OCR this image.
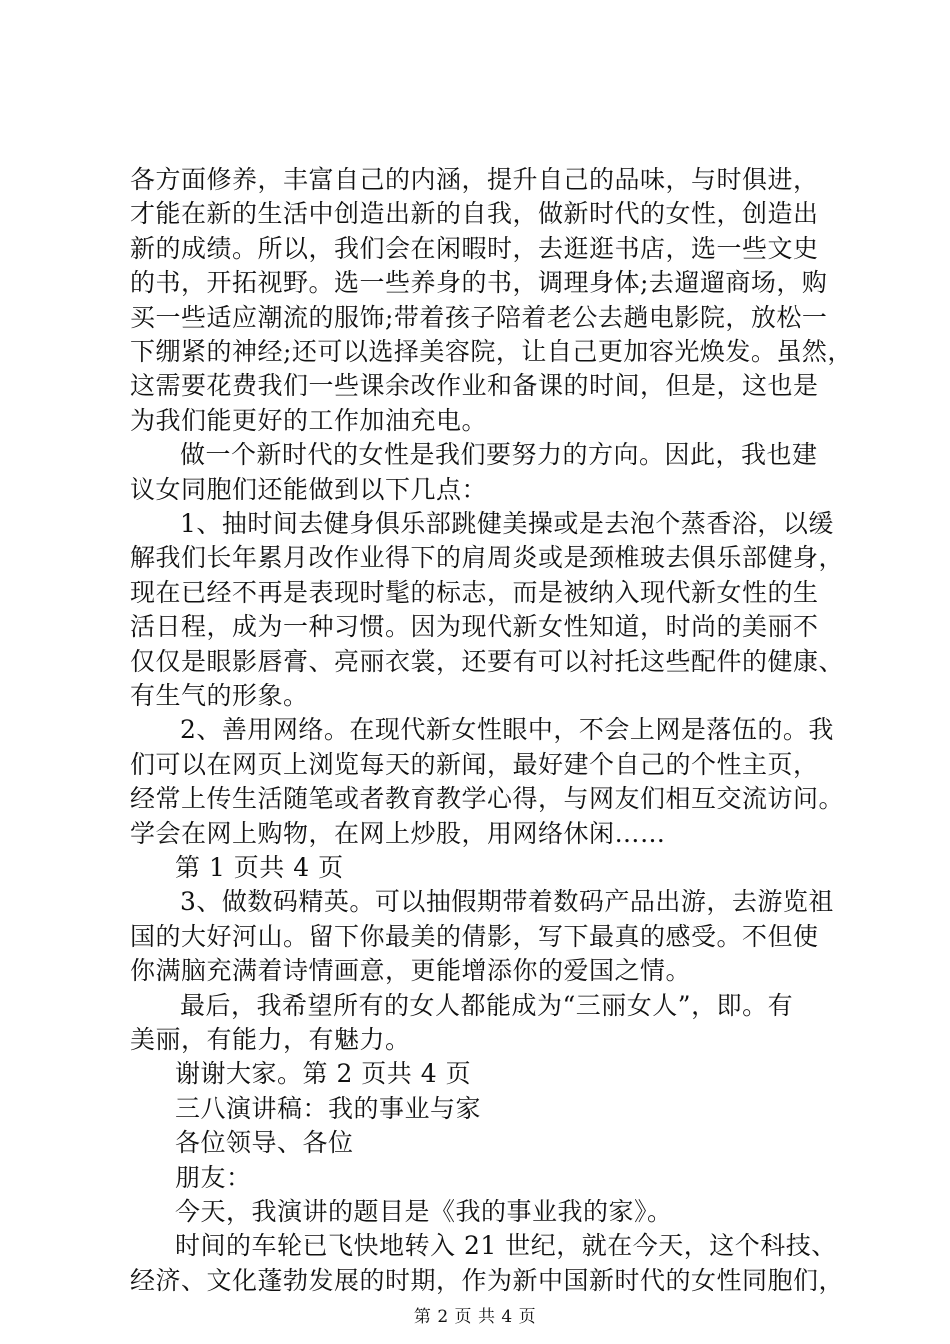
各方面修养，丰富自己的内涵，提升自己的品味，与时俱进，
才能在新的生活中创造出新的自我，做新时代的女性，创造出
新的成绩。所以，我们会在闲暇时，去逛逛书店，选一些文史
的书，开拓视野。选一些养身的书，调理身体;去遛遛商场，购
买一些适应潮流的服饰;带着孩子陪着老公去趟电影院，放松一
下绷紧的神经;还可以选择美容院，让自己更加容光焕发。虽然，
这需要花费我们一些课余改作业和备课的时间，但是，这也是
为我们能更好的工作加油充电。
做一个新时代的女性是我们要努力的方向。因此，我也建
议女同胞们还能做到以下几点：
1、抽时间去健身俱乐部跳健美操或是去泡个蒸香浴，以缓
解我们长年累月改作业得下的肩周炎或是颈椎玻去俱乐部健身，
现在已经不再是表现时髦的标志，而是被纳入现代新女性的生
活日程，成为一种习惯。因为现代新女性知道，时尚的美丽不
仅仅是眼影唇膏、亮丽衣裳，还要有可以衬托这些配件的健康、
有生气的形象。
2、善用网络。在现代新女性眼中，不会上网是落伍的。我
们可以在网页上浏览每天的新闻，最好建个自己的个性主页，
经常上传生活随笔或者教育教学心得，与网友们相互交流访问。
学会在网上购物，在网上炒股，用网络休闲……
第 1 页共 4 页
3、做数码精英。可以抽假期带着数码产品出游，去游览祖
国的大好河山。留下你最美的倩影，写下最真的感受。不但使
你满脑充满着诗情画意，更能增添你的爱国之情。
最后，我希望所有的女人都能成为“三丽女人”，即。有
美丽，有能力，有魅力。
谢谢大家。第 2 页共 4 页
三八演讲稿：我的事业与家
各位领导、各位
朋友：
今天，我演讲的题目是《我的事业我的家》。
时间的车轮已飞快地转入 21 世纪，就在今天，这个科技、
经济、文化蓬勃发展的时期，作为新中国新时代的女性同胞们，
第 2 页 共 4 页
